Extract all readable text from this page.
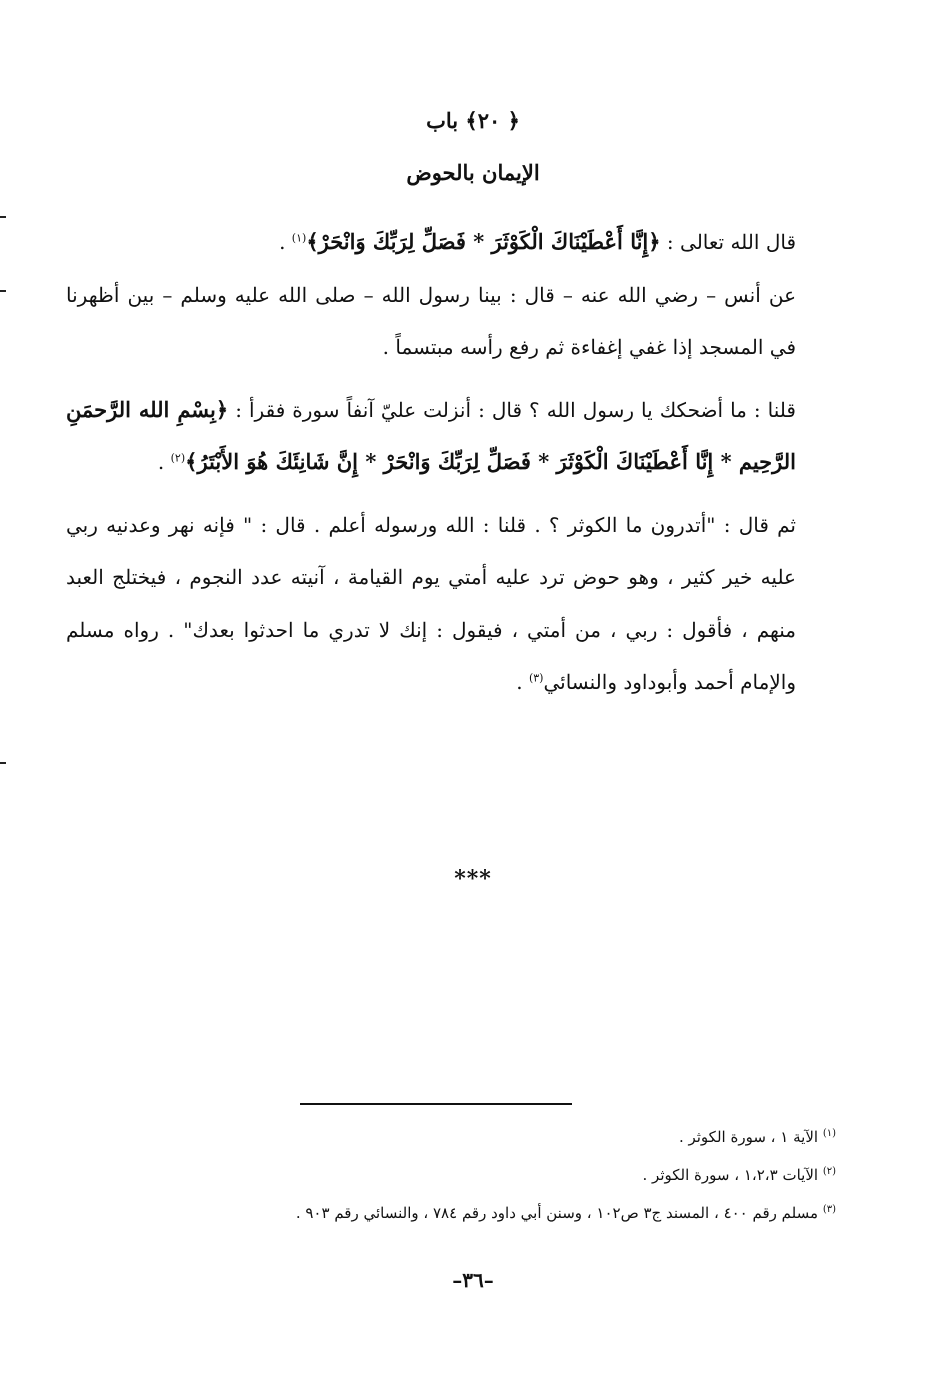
﴿ ٢٠﴾ باب
الإيمان بالحوض

قال الله تعالى : ﴿إِنَّا أَعْطَيْنَاكَ الْكَوْثَرَ * فَصَلِّ لِرَبِّكَ وَانْحَرْ﴾$^{(١)}$ .

عن أنس – رضي الله عنه – قال : بينا رسول الله – صلى الله عليه وسلم – بين أظهرنا في المسجد إذا غفي إغفاءة ثم رفع رأسه مبتسماً .

قلنا : ما أضحكك يا رسول الله ؟ قال : أنزلت عليّ آنفاً سورة فقرأ : ﴿بِسْمِ الله الرَّحمَنِ الرَّحِيم * إِنَّا أَعْطَيْنَاكَ الْكَوْثَرَ * فَصَلِّ لِرَبِّكَ وَانْحَرْ * إِنَّ شَانِئَكَ هُوَ الأَبْتَرُ﴾$^{(٢)}$ .

ثم قال : "أتدرون ما الكوثر ؟ . قلنا : الله ورسوله أعلم . قال : " فإنه نهر وعدنيه ربي عليه خير كثير ، وهو حوض ترد عليه أمتي يوم القيامة ، آنيته عدد النجوم ، فيختلج العبد منهم ، فأقول : ربي ، من أمتي ، فيقول : إنك لا تدري ما احدثوا بعدك" . رواه مسلم والإمام أحمد وأبوداود والنسائي$^{(٣)}$ .

***
$^{(١)}$ الآية ١ ، سورة الكوثر .
$^{(٢)}$ الآيات ١،٢،٣ ، سورة الكوثر .
$^{(٣)}$ مسلم رقم ٤٠٠ ، المسند ج٣ ص١٠٢ ، وسنن أبي داود رقم ٧٨٤ ، والنسائي رقم ٩٠٣ .
–٣٦–
